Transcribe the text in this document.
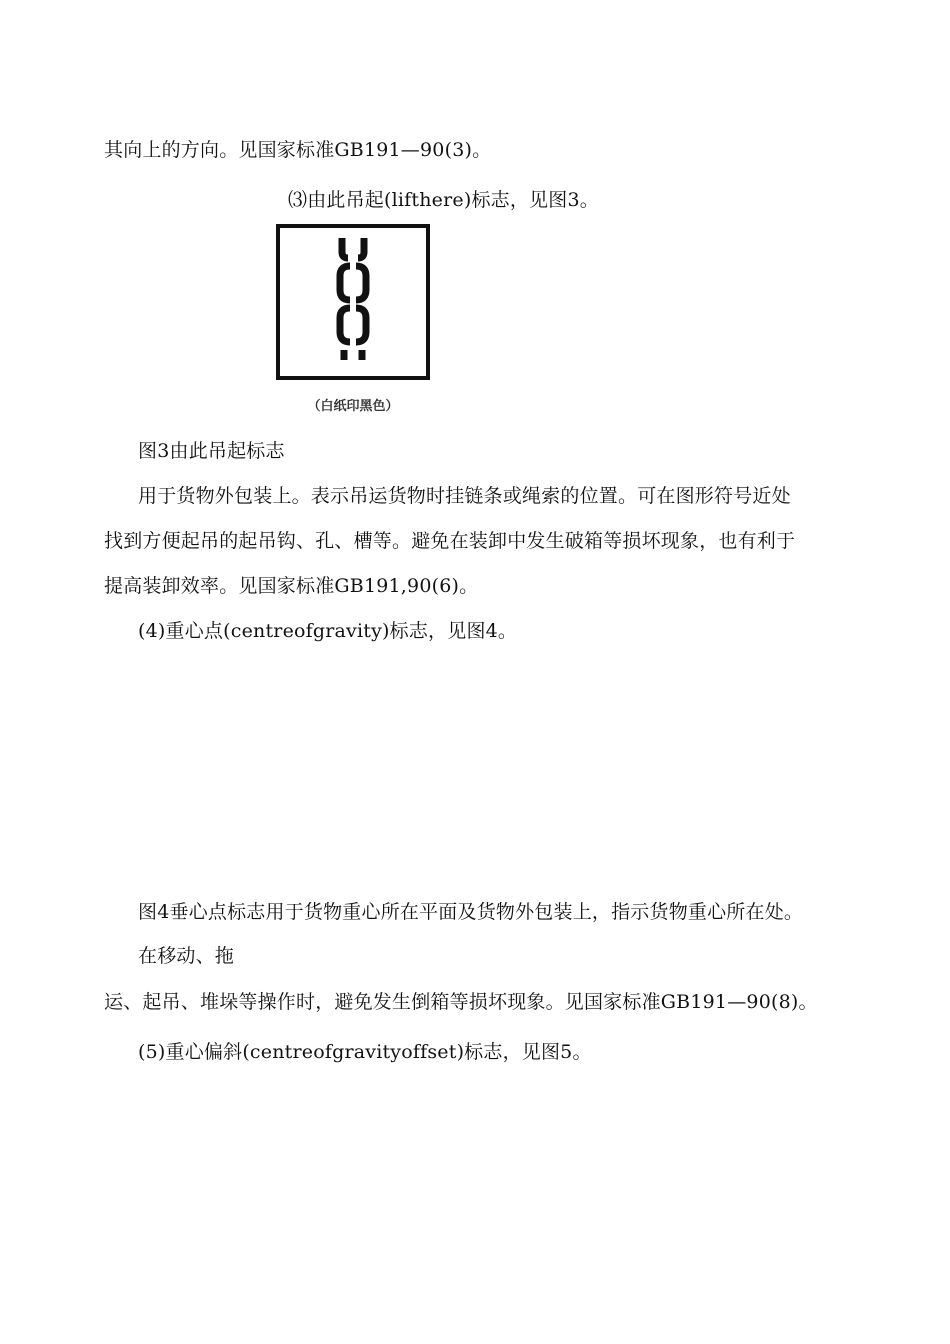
其向上的方向。见国家标准GB191—90(3)。
⑶由此吊起(lifthere)标志，见图3。
（白纸印黑色）
图3由此吊起标志
用于货物外包装上。表示吊运货物时挂链条或绳索的位置。可在图形符号近处
找到方便起吊的起吊钩、孔、槽等。避免在装卸中发生破箱等损坏现象，也有利于
提高装卸效率。见国家标准GB191,90(6)。
(4)重心点(centreofgravity)标志，见图4。
图4垂心点标志用于货物重心所在平面及货物外包装上，指示货物重心所在处。
在移动、拖
运、起吊、堆垛等操作时，避免发生倒箱等损坏现象。见国家标准GB191—90(8)。
(5)重心偏斜(centreofgravityoffset)标志，见图5。
